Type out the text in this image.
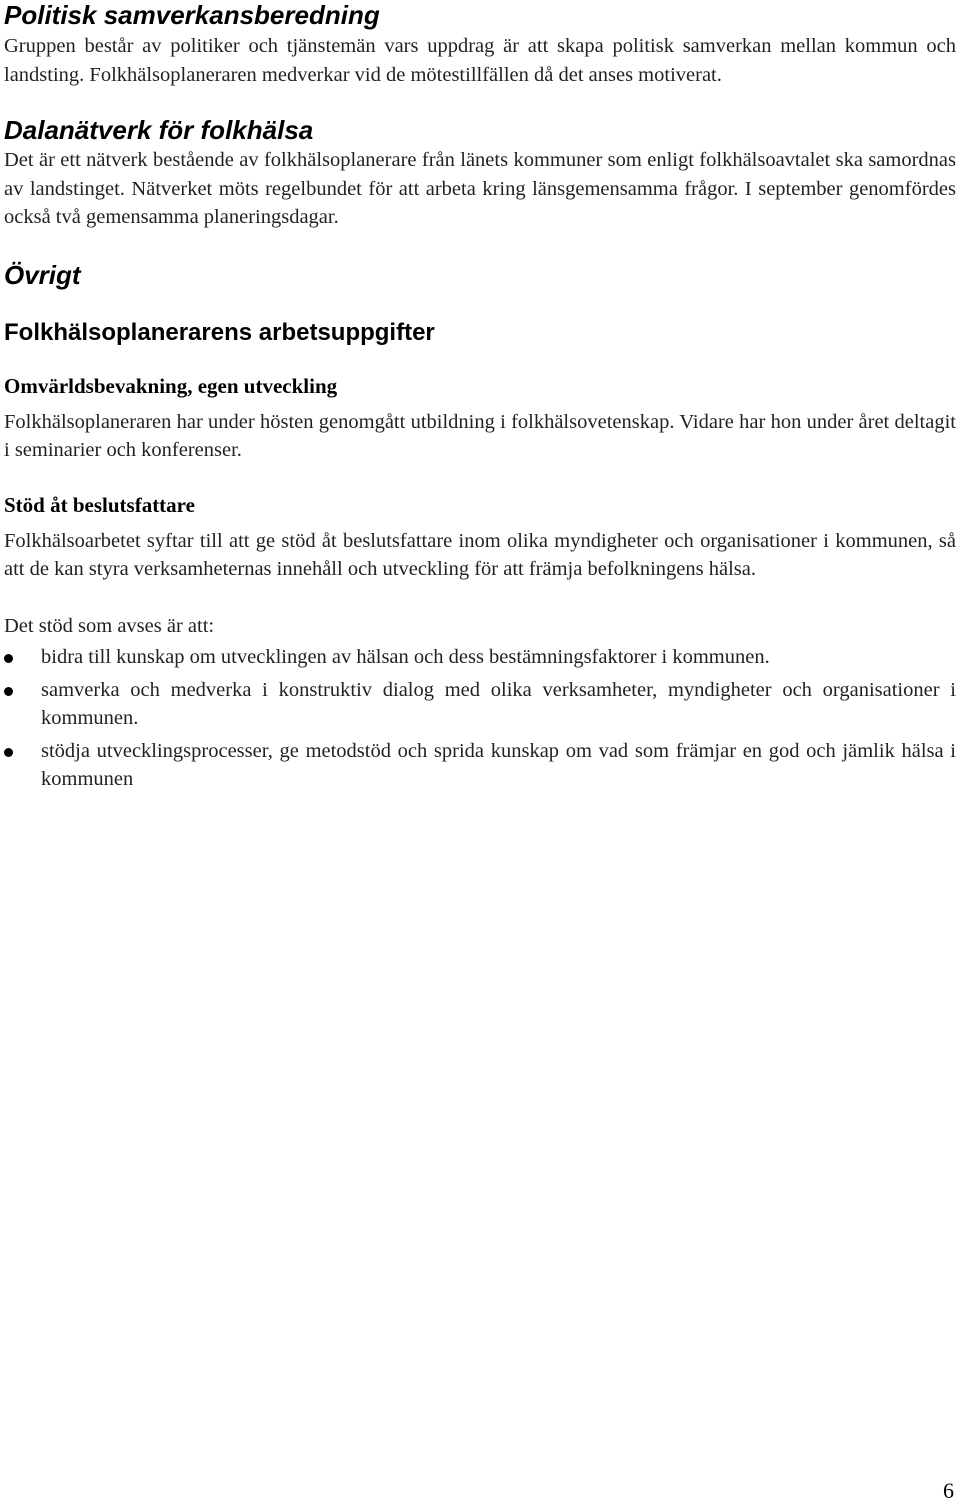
Politisk samverkansberedning

Gruppen består av politiker och tjänstemän vars uppdrag är att skapa politisk samverkan mellan kommun och landsting. Folkhälsoplaneraren medverkar vid de mötestillfällen då det anses motiverat.

Dalanätverk för folkhälsa

Det är ett nätverk bestående av folkhälsoplanerare från länets kommuner som enligt folkhälsoavtalet ska samordnas av landstinget. Nätverket möts regelbundet för att arbeta kring länsgemensamma frågor. I september genomfördes också två gemensamma planeringsdagar.

Övrigt
Folkhälsoplanerarens arbetsuppgifter
Omvärldsbevakning, egen utveckling

Folkhälsoplaneraren har under hösten genomgått utbildning i folkhälsovetenskap. Vidare har hon under året deltagit i seminarier och konferenser.

Stöd åt beslutsfattare

Folkhälsoarbetet syftar till att ge stöd åt beslutsfattare inom olika myndigheter och organisationer i kommunen, så att de kan styra verksamheternas innehåll och utveckling för att främja befolkningens hälsa.

Det stöd som avses är att:

bidra till kunskap om utvecklingen av hälsan och dess bestämningsfaktorer i kommunen.
samverka och medverka i konstruktiv dialog med olika verksamheter, myndigheter och organisationer i kommunen.
stödja utvecklingsprocesser, ge metodstöd och sprida kunskap om vad som främjar en god och jämlik hälsa i kommunen
6
